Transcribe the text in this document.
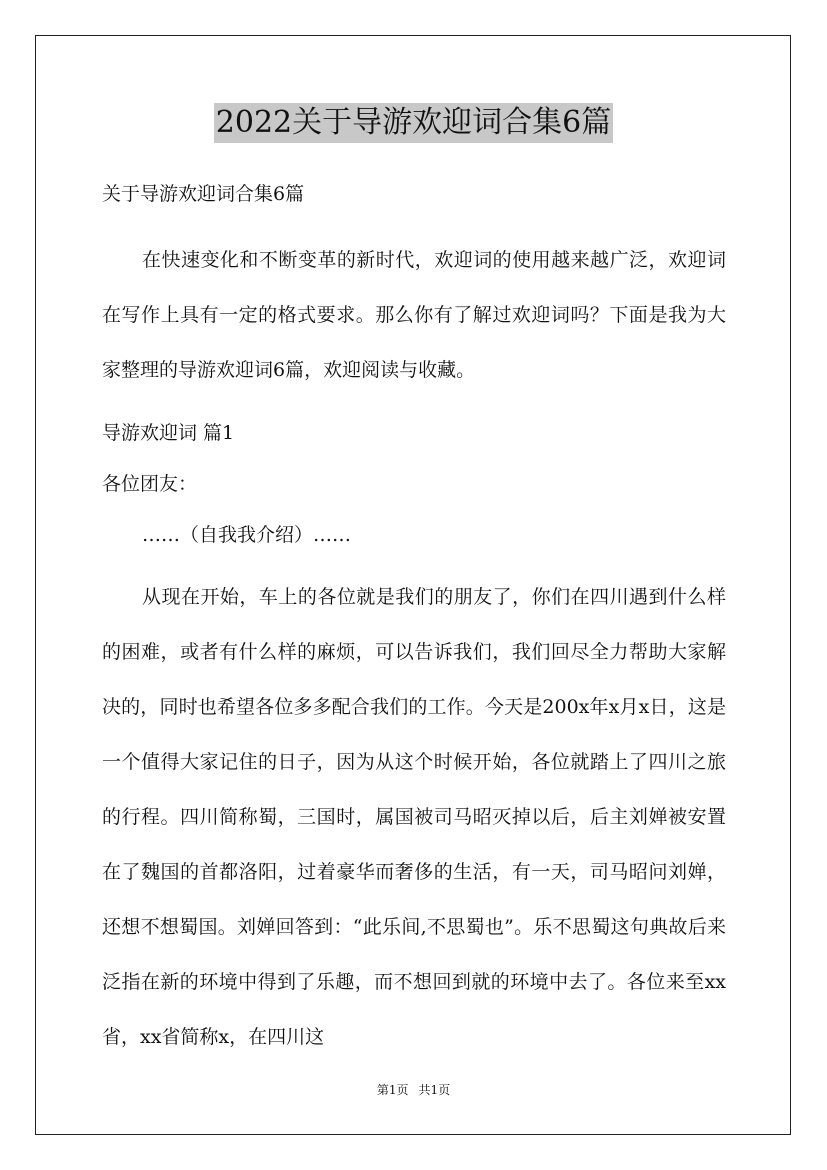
2022关于导游欢迎词合集6篇
关于导游欢迎词合集6篇
在快速变化和不断变革的新时代，欢迎词的使用越来越广泛，欢迎词在写作上具有一定的格式要求。那么你有了解过欢迎词吗？下面是我为大家整理的导游欢迎词6篇，欢迎阅读与收藏。
导游欢迎词 篇1
各位团友：
……（自我我介绍）……
从现在开始，车上的各位就是我们的朋友了，你们在四川遇到什么样的困难，或者有什么样的麻烦，可以告诉我们，我们回尽全力帮助大家解决的，同时也希望各位多多配合我们的工作。今天是200x年x月x日，这是一个值得大家记住的日子，因为从这个时候开始，各位就踏上了四川之旅的行程。四川简称蜀，三国时，属国被司马昭灭掉以后，后主刘婵被安置在了魏国的首都洛阳，过着豪华而奢侈的生活，有一天，司马昭问刘婵，还想不想蜀国。刘婵回答到：“此乐间,不思蜀也”。乐不思蜀这句典故后来泛指在新的环境中得到了乐趣，而不想回到就的环境中去了。各位来至xx省，xx省简称x，在四川这
第1页 共1页
